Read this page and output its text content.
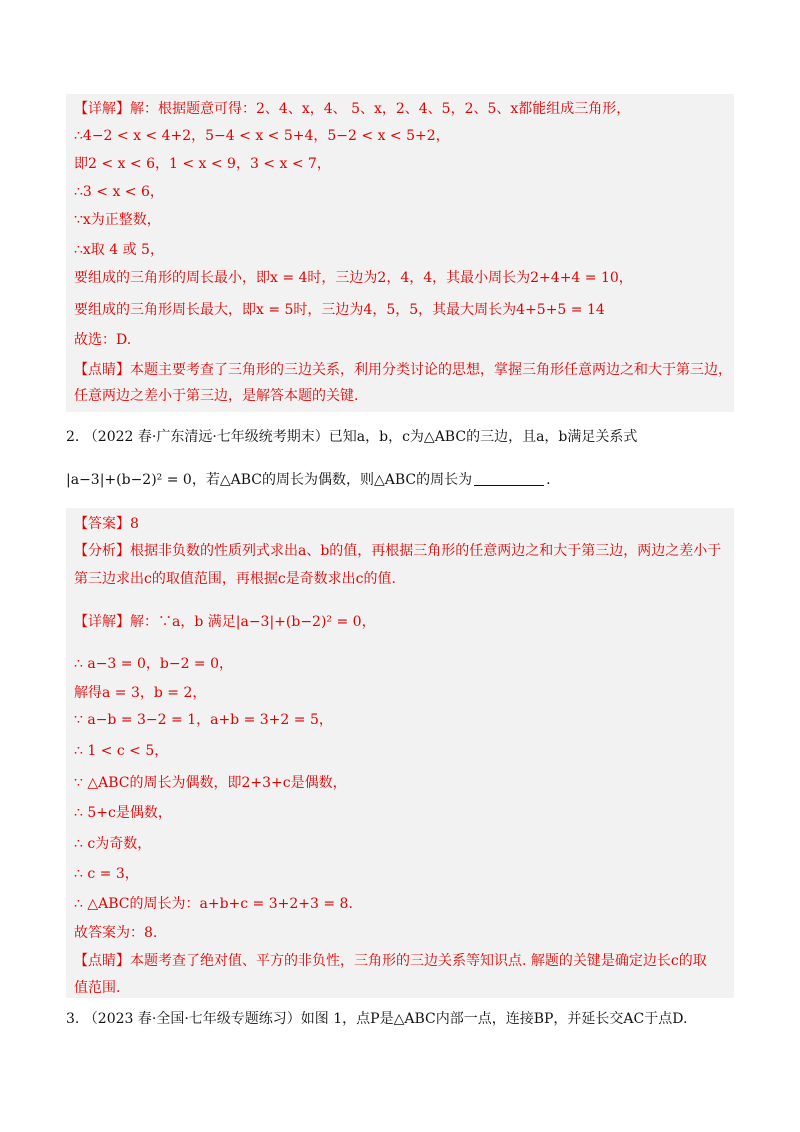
【详解】解：根据题意可得：2、4、x，4、 5、x，2、4、5，2、5、x都能组成三角形，
∴4−2 < x < 4+2，5−4 < x < 5+4，5−2 < x < 5+2，
即2 < x < 6，1 < x < 9，3 < x < 7，
∴3 < x < 6，
∵x为正整数，
∴x取 4 或 5，
要组成的三角形的周长最小，即x = 4时，三边为2，4，4，其最小周长为2+4+4 = 10，
要组成的三角形周长最大，即x = 5时，三边为4，5，5，其最大周长为4+5+5 = 14
故选：D.
【点睛】本题主要考查了三角形的三边关系，利用分类讨论的思想，掌握三角形任意两边之和大于第三边，
任意两边之差小于第三边，是解答本题的关键.
2. （2022 春·广东清远·七年级统考期末）已知a，b，c为△ABC的三边，且a，b满足关系式
|a−3|+(b−2)² = 0，若△ABC的周长为偶数，则△ABC的周长为	.
【答案】8
【分析】根据非负数的性质列式求出a、b的值，再根据三角形的任意两边之和大于第三边，两边之差小于
第三边求出c的取值范围，再根据c是奇数求出c的值.
【详解】解：∵a，b 满足|a−3|+(b−2)² = 0，
∴ a−3 = 0，b−2 = 0，
解得a = 3，b = 2，
∵ a−b = 3−2 = 1，a+b = 3+2 = 5，
∴ 1 < c < 5，
∵ △ABC的周长为偶数，即2+3+c是偶数，
∴ 5+c是偶数，
∴ c为奇数，
∴ c = 3，
∴ △ABC的周长为：a+b+c = 3+2+3 = 8.
故答案为：8.
【点睛】本题考查了绝对值、平方的非负性，三角形的三边关系等知识点. 解题的关键是确定边长c的取
值范围.
3. （2023 春·全国·七年级专题练习）如图 1，点P是△ABC内部一点，连接BP，并延长交AC于点D.
